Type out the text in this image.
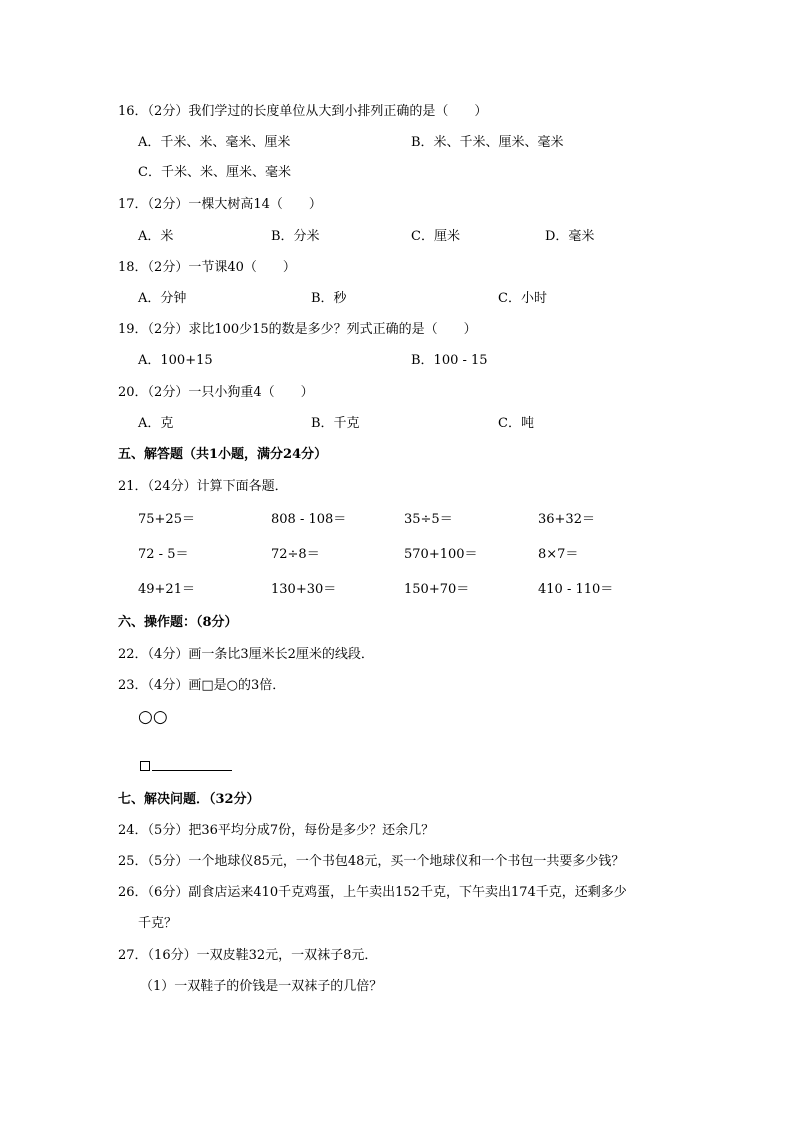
16．（2分）我们学过的长度单位从大到小排列正确的是（　　）
A．千米、米、毫米、厘米	B．米、千米、厘米、毫米
C．千米、米、厘米、毫米
17．（2分）一棵大树高14（　　）
A．米	B．分米	C．厘米	D．毫米
18．（2分）一节课40（　　）
A．分钟	B．秒	C．小时
19．（2分）求比100少15的数是多少？列式正确的是（　　）
A．100+15	B．100 - 15
20．（2分）一只小狗重4（　　）
A．克	B．千克	C．吨
五、解答题（共1小题，满分24分）
21．（24分）计算下面各题．
75+25＝	808 - 108＝	35÷5＝	36+32＝
72 - 5＝	72÷8＝	570+100＝	8×7＝
49+21＝	130+30＝	150+70＝	410 - 110＝
六、操作题：（8分）
22．（4分）画一条比3厘米长2厘米的线段．
23．（4分）画□是○的3倍．
○○
七、解决问题．（32分）
24．（5分）把36平均分成7份，每份是多少？还余几？
25．（5分）一个地球仪85元，一个书包48元，买一个地球仪和一个书包一共要多少钱？
26．（6分）副食店运来410千克鸡蛋，上午卖出152千克，下午卖出174千克，还剩多少
千克？
27．（16分）一双皮鞋32元，一双袜子8元．
（1）一双鞋子的价钱是一双袜子的几倍？
